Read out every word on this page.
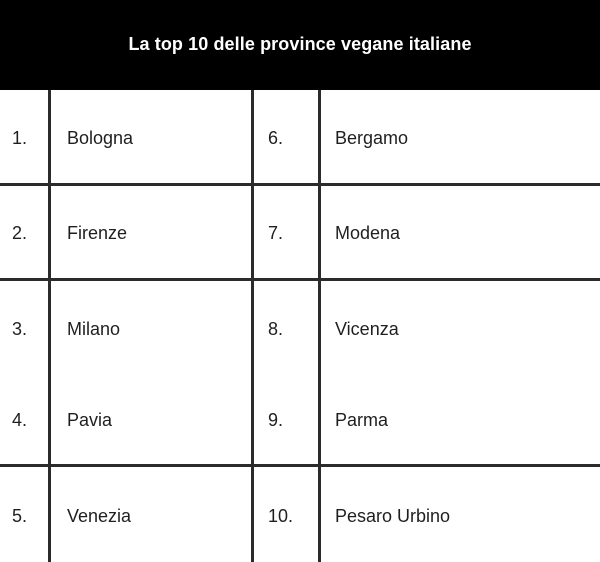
La top 10 delle province vegane italiane
1. Bologna	6.	Bergamo
2. Firenze	7.	Modena
3. Milano	8.	Vicenza
4. Pavia	9.	Parma
5. Venezia	10. Pesaro Urbino
